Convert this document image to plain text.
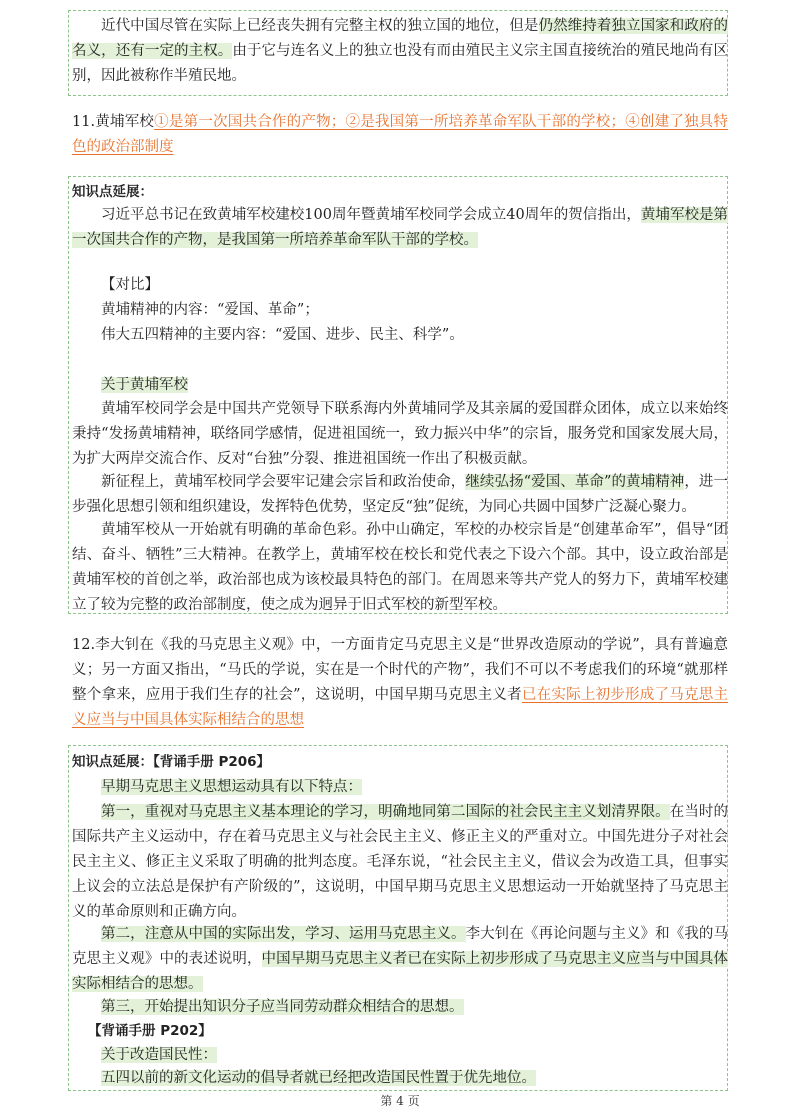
近代中国尽管在实际上已经丧失拥有完整主权的独立国的地位，但是仍然维持着独立国家和政府的名义，还有一定的主权。由于它与连名义上的独立也没有而由殖民主义宗主国直接统治的殖民地尚有区别，因此被称作半殖民地。

11.黄埔军校①是第一次国共合作的产物；②是我国第一所培养革命军队干部的学校；④创建了独具特色的政治部制度

知识点延展：

习近平总书记在致黄埔军校建校100周年暨黄埔军校同学会成立40周年的贺信指出，黄埔军校是第一次国共合作的产物，是我国第一所培养革命军队干部的学校。

【对比】
黄埔精神的内容：“爱国、革命”；
伟大五四精神的主要内容：“爱国、进步、民主、科学”。
关于黄埔军校

黄埔军校同学会是中国共产党领导下联系海内外黄埔同学及其亲属的爱国群众团体，成立以来始终秉持“发扬黄埔精神，联络同学感情，促进祖国统一，致力振兴中华”的宗旨，服务党和国家发展大局，为扩大两岸交流合作、反对“台独”分裂、推进祖国统一作出了积极贡献。

新征程上，黄埔军校同学会要牢记建会宗旨和政治使命，继续弘扬“爱国、革命”的黄埔精神，进一步强化思想引领和组织建设，发挥特色优势，坚定反“独”促统，为同心共圆中国梦广泛凝心聚力。

黄埔军校从一开始就有明确的革命色彩。孙中山确定，军校的办校宗旨是“创建革命军”，倡导“团结、奋斗、牺牲”三大精神。在教学上，黄埔军校在校长和党代表之下设六个部。其中，设立政治部是黄埔军校的首创之举，政治部也成为该校最具特色的部门。在周恩来等共产党人的努力下，黄埔军校建立了较为完整的政治部制度，使之成为迥异于旧式军校的新型军校。

12.李大钊在《我的马克思主义观》中，一方面肯定马克思主义是“世界改造原动的学说”，具有普遍意义；另一方面又指出，“马氏的学说，实在是一个时代的产物”，我们不可以不考虑我们的环境“就那样整个拿来，应用于我们生存的社会”，这说明，中国早期马克思主义者已在实际上初步形成了马克思主义应当与中国具体实际相结合的思想

知识点延展：【背诵手册 P206】
早期马克思主义思想运动具有以下特点：

第一，重视对马克思主义基本理论的学习，明确地同第二国际的社会民主主义划清界限。在当时的国际共产主义运动中，存在着马克思主义与社会民主主义、修正主义的严重对立。中国先进分子对社会民主主义、修正主义采取了明确的批判态度。毛泽东说，“社会民主主义，借议会为改造工具，但事实上议会的立法总是保护有产阶级的”，这说明，中国早期马克思主义思想运动一开始就坚持了马克思主义的革命原则和正确方向。

第二，注意从中国的实际出发，学习、运用马克思主义。李大钊在《再论问题与主义》和《我的马克思主义观》中的表述说明，中国早期马克思主义者已在实际上初步形成了马克思主义应当与中国具体实际相结合的思想。

第三，开始提出知识分子应当同劳动群众相结合的思想。
【背诵手册 P202】
关于改造国民性：
五四以前的新文化运动的倡导者就已经把改造国民性置于优先地位。
第 4 页
